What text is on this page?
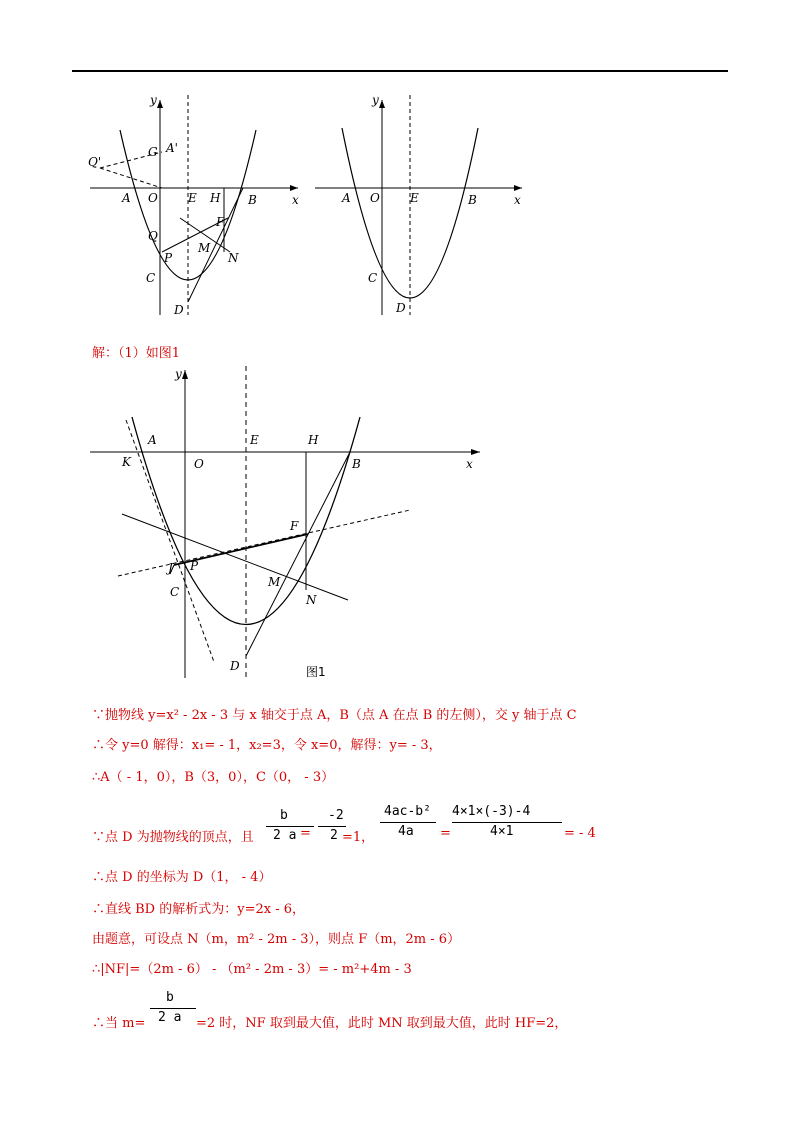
y
x
Q'
G A'
A O	E H B
F
Q
M
P	N
C
D
y
x
A O	E	B
C
D
解：（1）如图1
y
x
A
K	O
E	H
B
F
J P
M
C
N
D	图1
∵抛物线 y=x² - 2x - 3 与 x 轴交于点 A，B（点 A 在点 B 的左侧），交 y 轴于点 C
∴令 y=0 解得：x₁= - 1，x₂=3，令 x=0，解得：y= - 3，
∴A（ - 1，0），B（3，0），C（0， - 3）
∵点 D 为抛物线的顶点，且
b
2 a =
-2
2 =1，
4ac-b²
4a =
4×1×(-3)-4
4×1	= - 4
∴点 D 的坐标为 D（1， - 4）
∴直线 BD 的解析式为：y=2x - 6，
由题意，可设点 N（m，m² - 2m - 3），则点 F（m，2m - 6）
∴|NF|=（2m - 6） - （m² - 2m - 3）= - m²+4m - 3
∴当 m=
b
2 a =2 时，NF 取到最大值，此时 MN 取到最大值，此时 HF=2，
